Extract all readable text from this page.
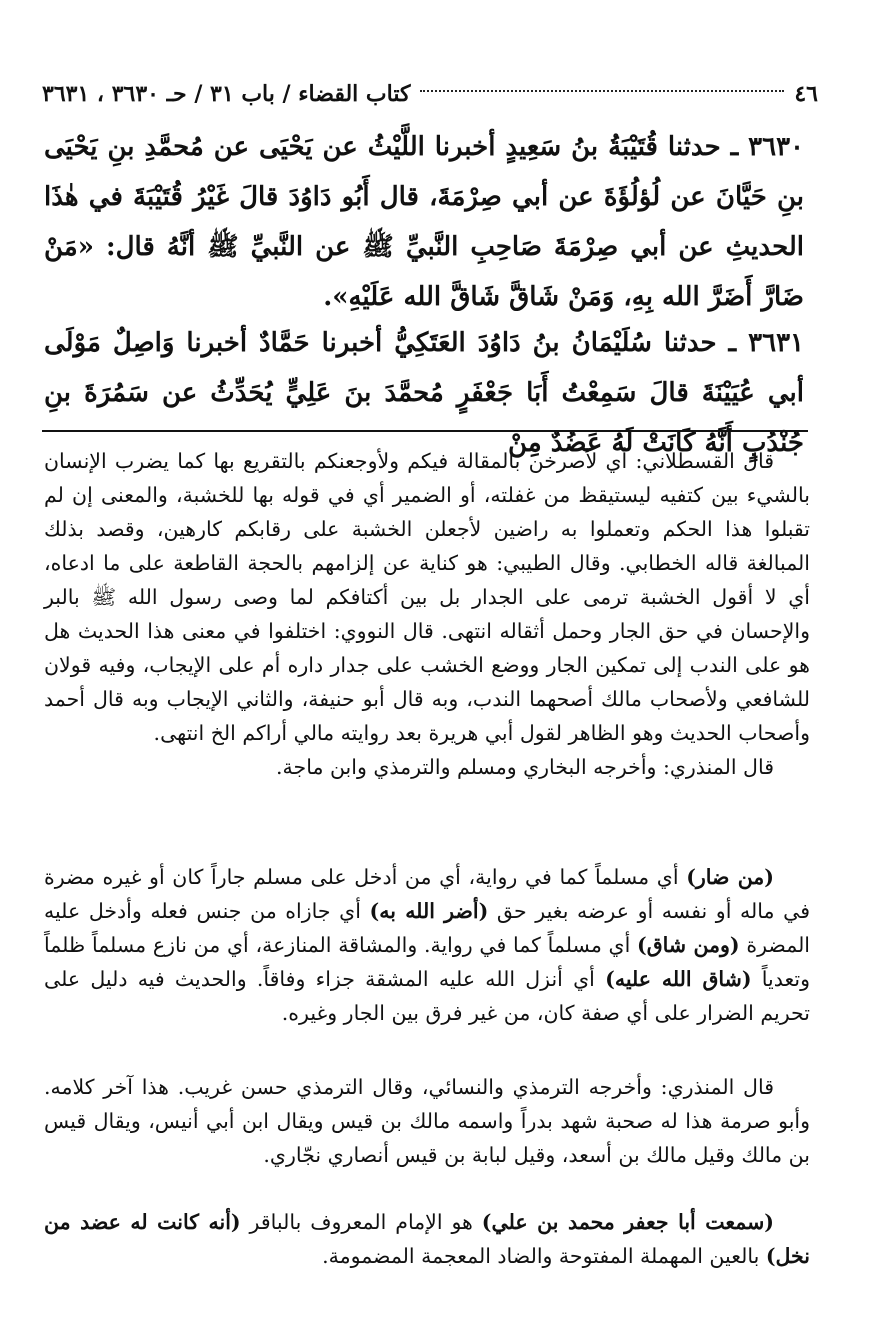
٤٦
كتاب القضاء / باب ٣١ / حـ ٣٦٣٠ ، ٣٦٣١

٣٦٣٠ ـ حدثنا قُتَيْبَةُ بنُ سَعِيدٍ أخبرنا اللَّيْثُ عن يَحْيَى عن مُحمَّدِ بنِ يَحْيَى بنِ حَيَّانَ عن لُؤلُؤَةَ عن أبي صِرْمَةَ، قال أَبُو دَاوُدَ قالَ غَيْرُ قُتَيْبَةَ في هٰذَا الحديثِ عن أبي صِرْمَةَ صَاحِبِ النَّبيِّ ﷺ عن النَّبيِّ ﷺ أنَّهُ قال: «مَنْ ضَارَّ أَضَرَّ الله بِهِ، وَمَنْ شَاقَّ شَاقَّ الله عَلَيْهِ».

٣٦٣١ ـ حدثنا سُلَيْمَانُ بنُ دَاوُدَ العَتَكِيُّ أخبرنا حَمَّادٌ أخبرنا وَاصِلٌ مَوْلَى أبي عُيَيْنَةَ قالَ سَمِعْتُ أَبَا جَعْفَرٍ مُحمَّدَ بنَ عَلِيٍّ يُحَدِّثُ عن سَمُرَةَ بنِ جُنْدُبٍ أَنَّهُ كَانَتْ لَهُ عَضُدٌ مِنْ

قال القسطلاني: أي لأصرخن بالمقالة فيكم ولأوجعنكم بالتقريع بها كما يضرب الإنسان بالشيء بين كتفيه ليستيقظ من غفلته، أو الضمير أي في قوله بها للخشبة، والمعنى إن لم تقبلوا هذا الحكم وتعملوا به راضين لأجعلن الخشبة على رقابكم كارهين، وقصد بذلك المبالغة قاله الخطابي. وقال الطيبي: هو كناية عن إلزامهم بالحجة القاطعة على ما ادعاه، أي لا أقول الخشبة ترمى على الجدار بل بين أكتافكم لما وصى رسول الله ﷺ بالبر والإحسان في حق الجار وحمل أثقاله انتهى. قال النووي: اختلفوا في معنى هذا الحديث هل هو على الندب إلى تمكين الجار ووضع الخشب على جدار داره أم على الإيجاب، وفيه قولان للشافعي ولأصحاب مالك أصحهما الندب، وبه قال أبو حنيفة، والثاني الإيجاب وبه قال أحمد وأصحاب الحديث وهو الظاهر لقول أبي هريرة بعد روايته مالي أراكم الخ انتهى.

قال المنذري: وأخرجه البخاري ومسلم والترمذي وابن ماجة.

(من ضار) أي مسلماً كما في رواية، أي من أدخل على مسلم جاراً كان أو غيره مضرة في ماله أو نفسه أو عرضه بغير حق (أضر الله به) أي جازاه من جنس فعله وأدخل عليه المضرة (ومن شاق) أي مسلماً كما في رواية. والمشاقة المنازعة، أي من نازع مسلماً ظلماً وتعدياً (شاق الله عليه) أي أنزل الله عليه المشقة جزاء وفاقاً. والحديث فيه دليل على تحريم الضرار على أي صفة كان، من غير فرق بين الجار وغيره.

قال المنذري: وأخرجه الترمذي والنسائي، وقال الترمذي حسن غريب. هذا آخر كلامه. وأبو صرمة هذا له صحبة شهد بدراً واسمه مالك بن قيس ويقال ابن أبي أنيس، ويقال قيس بن مالك وقيل مالك بن أسعد، وقيل لبابة بن قيس أنصاري نجّاري.

(سمعت أبا جعفر محمد بن علي) هو الإمام المعروف بالباقر (أنه كانت له عضد من نخل) بالعين المهملة المفتوحة والضاد المعجمة المضمومة.
